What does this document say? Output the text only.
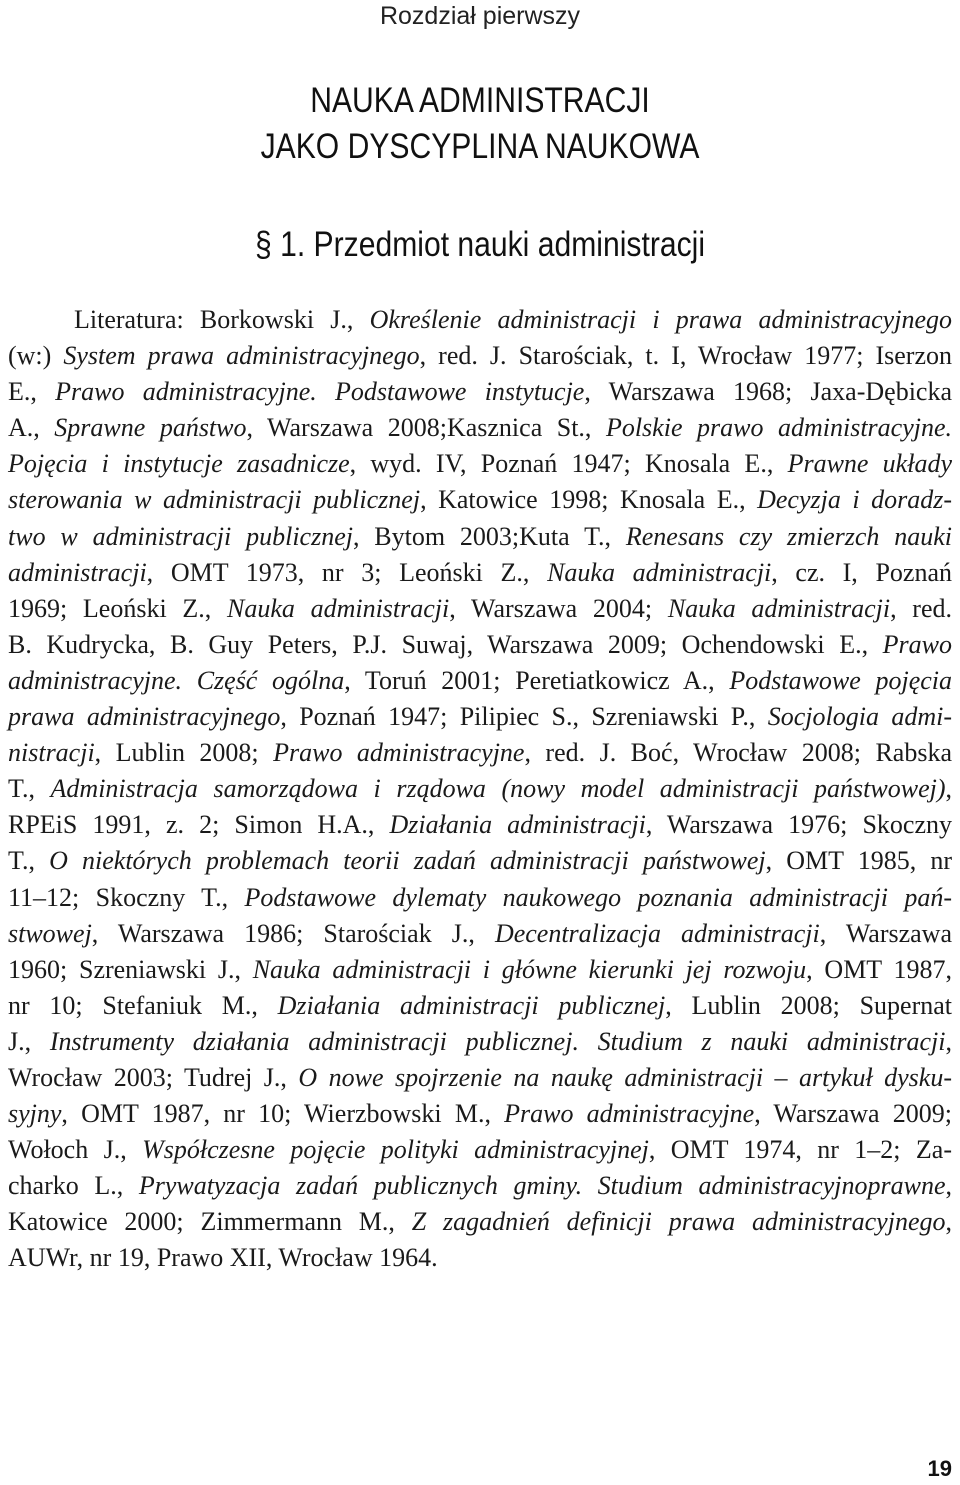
Rozdział pierwszy
NAUKA ADMINISTRACJI
JAKO DYSCYPLINA NAUKOWA
§ 1. Przedmiot nauki administracji
Literatura: Borkowski J., Określenie administracji i prawa administracyjnego
(w:) System prawa administracyjnego, red. J. Starościak, t. I, Wrocław 1977; Iserzon
E., Prawo administracyjne. Podstawowe instytucje, Warszawa 1968; Jaxa-Dębicka
A., Sprawne państwo, Warszawa 2008;Kasznica St., Polskie prawo administracyjne.
Pojęcia i instytucje zasadnicze, wyd. IV, Poznań 1947; Knosala E., Prawne układy
sterowania w administracji publicznej, Katowice 1998; Knosala E., Decyzja i doradz-
two w administracji publicznej, Bytom 2003;Kuta T., Renesans czy zmierzch nauki
administracji, OMT 1973, nr 3; Leoński Z., Nauka administracji, cz. I, Poznań
1969; Leoński Z., Nauka administracji, Warszawa 2004; Nauka administracji, red.
B. Kudrycka, B. Guy Peters, P.J. Suwaj, Warszawa 2009; Ochendowski E., Prawo
administracyjne. Część ogólna, Toruń 2001; Peretiatkowicz A., Podstawowe pojęcia
prawa administracyjnego, Poznań 1947; Pilipiec S., Szreniawski P., Socjologia admi-
nistracji, Lublin 2008; Prawo administracyjne, red. J. Boć, Wrocław 2008; Rabska
T., Administracja samorządowa i rządowa (nowy model administracji państwowej),
RPEiS 1991, z. 2; Simon H.A., Działania administracji, Warszawa 1976; Skoczny
T., O niektórych problemach teorii zadań administracji państwowej, OMT 1985, nr
11–12; Skoczny T., Podstawowe dylematy naukowego poznania administracji pań-
stwowej, Warszawa 1986; Starościak J., Decentralizacja administracji, Warszawa
1960; Szreniawski J., Nauka administracji i główne kierunki jej rozwoju, OMT 1987,
nr 10; Stefaniuk M., Działania administracji publicznej, Lublin 2008; Supernat
J., Instrumenty działania administracji publicznej. Studium z nauki administracji,
Wrocław 2003; Tudrej J., O nowe spojrzenie na naukę administracji – artykuł dysku-
syjny, OMT 1987, nr 10; Wierzbowski M., Prawo administracyjne, Warszawa 2009;
Wołoch J., Współczesne pojęcie polityki administracyjnej, OMT 1974, nr 1–2; Za-
charko L., Prywatyzacja zadań publicznych gminy. Studium administracyjnoprawne,
Katowice 2000; Zimmermann M., Z zagadnień definicji prawa administracyjnego,
AUWr, nr 19, Prawo XII, Wrocław 1964.
19
